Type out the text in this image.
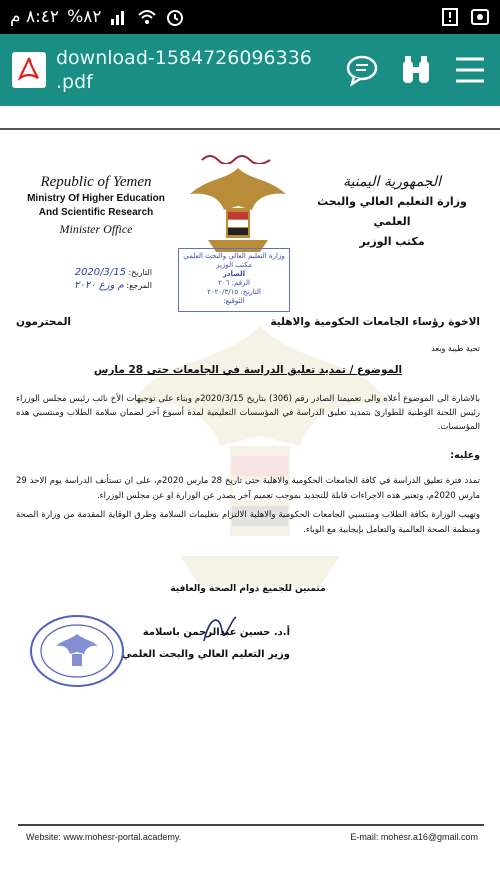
٨:٤٢ م %٨٢
download-1584726096336
.pdf
Republic of Yemen
Ministry Of Higher Education
And Scientific Research
Minister Office
الجمهورية اليمنية
وزارة التعليم العالي والبحث العلمي
مكتب الوزير
وزارة التعليم العالي والبحث العلمي
مكتب الوزير
الصادر
الرقم: ٢٠٦
التاريخ: ٢٠٢٠/٣/١٥
التوقيع:
التاريخ: 2020/3/15
المرجع: م وزع ٢٠٢٠
الاخوة رؤساء الجامعات الحكومية والاهلية
المحترمون
تحية طيبة وبعد
الموضوع / تمديد تعليق الدراسة في الجامعات حتى 28 مارس
بالاشارة الى الموضوع أعلاه والى تعميمنا الصادر رقم (306) بتاريخ 2020/3/15م وبناء على توجيهات الأخ نائب رئيس مجلس الوزراء رئيس اللجنة الوطنية للطوارئ بتمديد تعليق الدراسة في المؤسسات التعليمية لمدة أسبوع آخر لضمان سلامة الطلاب ومنتسبي هذه المؤسسات.
وعليه:
تمدد فترة تعليق الدراسة في كافة الجامعات الحكومية والاهلية حتى تاريخ 28 مارس 2020م، على ان تستأنف الدراسة يوم الاحد 29 مارس 2020م، وتعتبر هذه الاجراءات قابلة للتجديد بموجب تعميم آخر يصدر عن الوزارة او عن مجلس الوزراء.
وتهيب الوزارة بكافة الطلاب ومنتسبي الجامعات الحكومية والاهلية الالتزام بتعليمات السلامة وطرق الوقاية المقدمة من وزارة الصحة ومنظمة الصحة العالمية والتعامل بإيجابية مع الوباء.
متمنين للجميع دوام الصحة والعافية
أ.د. حسين عبدالرحمن باسلامة
وزير التعليم العالي والبحث العلمي
Website: www.mohesr-portal.academy.	E-mail: mohesr.a16@gmail.com
